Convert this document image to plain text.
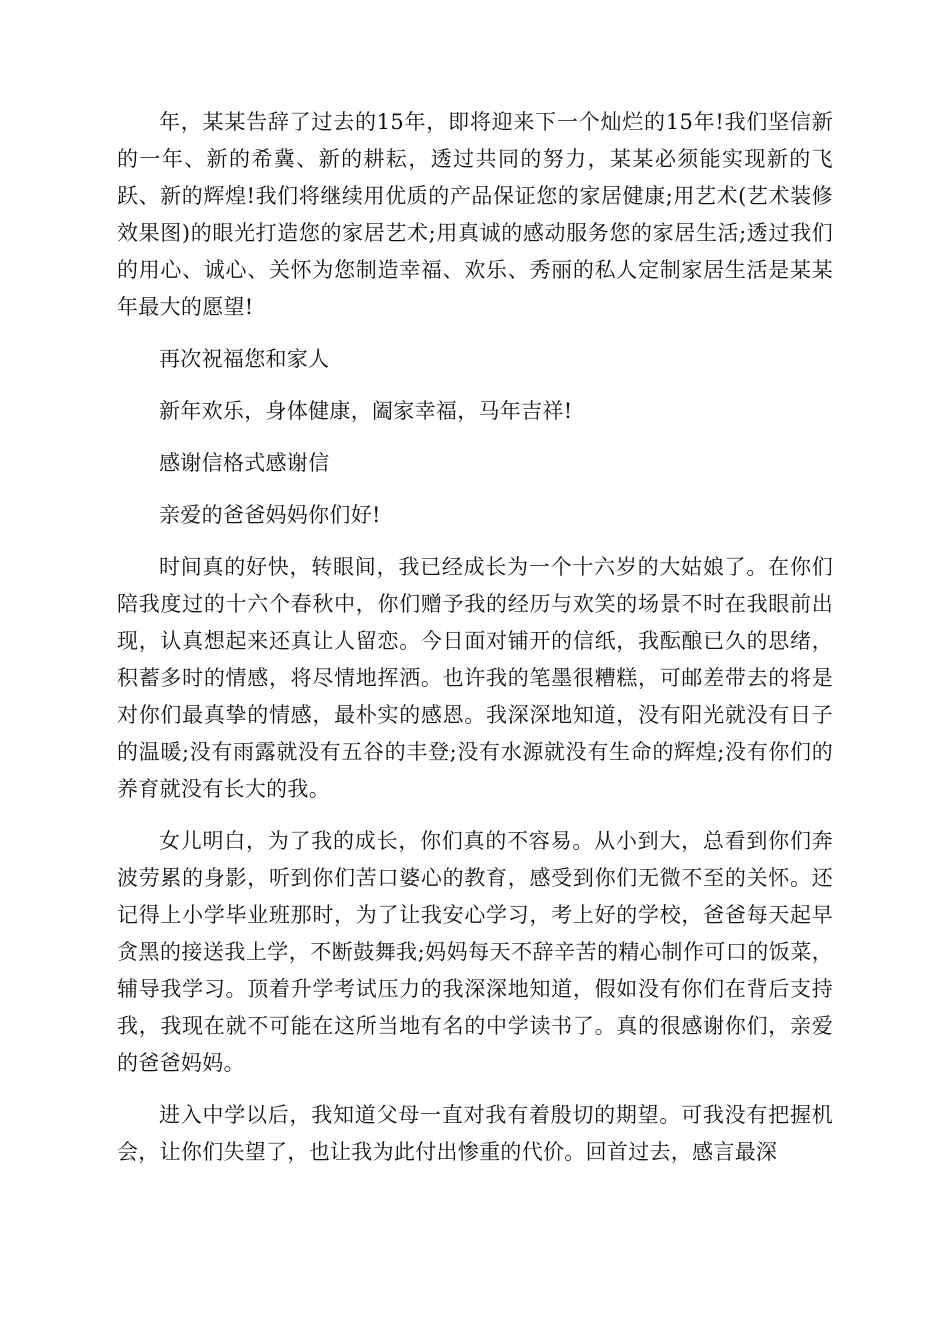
年，某某告辞了过去的15年，即将迎来下一个灿烂的15年!我们坚信新的一年、新的希冀、新的耕耘，透过共同的努力，某某必须能实现新的飞跃、新的辉煌!我们将继续用优质的产品保证您的家居健康;用艺术(艺术装修效果图)的眼光打造您的家居艺术;用真诚的感动服务您的家居生活;透过我们的用心、诚心、关怀为您制造幸福、欢乐、秀丽的私人定制家居生活是某某年最大的愿望!

再次祝福您和家人

新年欢乐，身体健康，阖家幸福，马年吉祥!

感谢信格式感谢信

亲爱的爸爸妈妈你们好!

时间真的好快，转眼间，我已经成长为一个十六岁的大姑娘了。在你们陪我度过的十六个春秋中，你们赠予我的经历与欢笑的场景不时在我眼前出现，认真想起来还真让人留恋。今日面对铺开的信纸，我酝酿已久的思绪，积蓄多时的情感，将尽情地挥洒。也许我的笔墨很糟糕，可邮差带去的将是对你们最真挚的情感，最朴实的感恩。我深深地知道，没有阳光就没有日子的温暖;没有雨露就没有五谷的丰登;没有水源就没有生命的辉煌;没有你们的养育就没有长大的我。

女儿明白，为了我的成长，你们真的不容易。从小到大，总看到你们奔波劳累的身影，听到你们苦口婆心的教育，感受到你们无微不至的关怀。还记得上小学毕业班那时，为了让我安心学习，考上好的学校，爸爸每天起早贪黑的接送我上学，不断鼓舞我;妈妈每天不辞辛苦的精心制作可口的饭菜，辅导我学习。顶着升学考试压力的我深深地知道，假如没有你们在背后支持我，我现在就不可能在这所当地有名的中学读书了。真的很感谢你们，亲爱的爸爸妈妈。

进入中学以后，我知道父母一直对我有着殷切的期望。可我没有把握机会，让你们失望了，也让我为此付出惨重的代价。回首过去，感言最深
